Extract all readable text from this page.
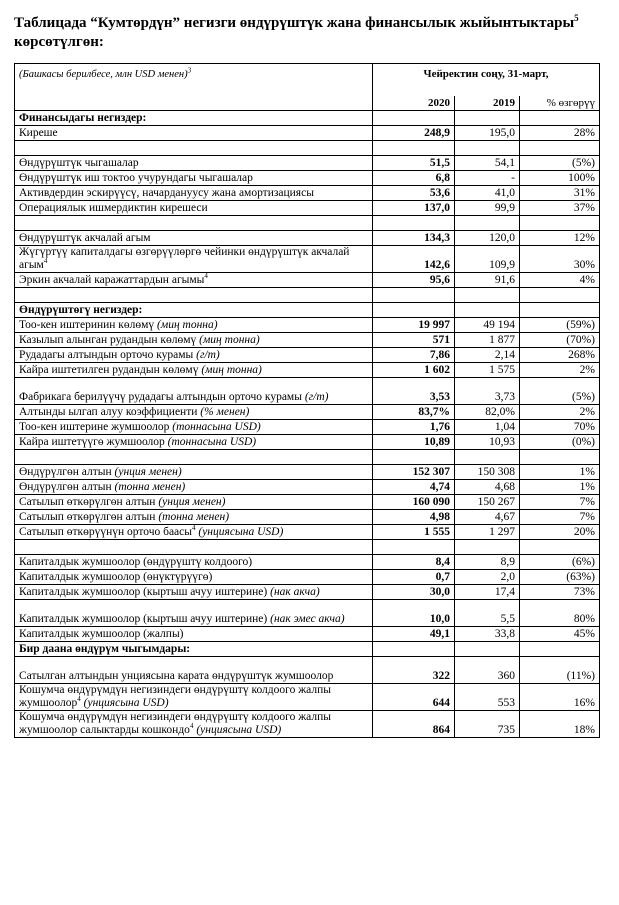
Таблицада “Кумтөрдүн” негизги өндүрүштүк жана финансылык жыйынтыктары$^5$
көрсөтүлгөн:
(Башкасы берилбесе, млн USD менен)$^3$	Чейректин соңу, 31-март,		
	2020	2019	% өзгөрүү
Финансыдагы негиздер:			
Киреше	248,9	195,0	28%

Өндүрүштүк чыгашалар	51,5	54,1	(5%)
Өндүрүштүк иш токтоо учурундагы чыгашалар	6,8	-	100%
Активдердин эскирүүсү, начардануусу жана амортизациясы	53,6	41,0	31%
Операциялык ишмердиктин кирешеси	137,0	99,9	37%

Өндүрүштүк акчалай агым	134,3	120,0	12%
Жүгүртүү капиталдагы өзгөрүүлөргө чейинки өндүрүштүк акчалай агым$^4$	142,6	109,9	30%
Эркин акчалай каражаттардын агымы$^4$	95,6	91,6	4%

Өндүрүштөгү негиздер:			
Тоо-кен иштеринин көлөмү (миң тонна)	19 997	49 194	(59%)
Казылып алынган рудандын көлөмү (миң тонна)	571	1 877	(70%)
Рудадагы алтындын орточо курамы (г/т)	7,86	2,14	268%
Кайра иштетилген рудандын көлөмү (миң тонна)	1 602	1 575	2%
Фабрикага берилүүчү рудадагы алтындын орточо курамы (г/т)	3,53	3,73	(5%)
Алтынды ылгап алуу коэффициенти (% менен)	83,7%	82,0%	2%
Тоо-кен иштерине жумшоолор (тоннасына USD)	1,76	1,04	70%
Кайра иштетүүгө жумшоолор (тоннасына USD)	10,89	10,93	(0%)

Өндүрүлгөн алтын (унция менен)	152 307	150 308	1%
Өндүрүлгөн алтын (тонна менен)	4,74	4,68	1%
Сатылып өткөрүлгөн алтын (унция менен)	160 090	150 267	7%
Сатылып өткөрүлгөн алтын (тонна менен)	4,98	4,67	7%
Сатылып өткөрүүнүн орточо баасы$^4$ (унциясына USD)	1 555	1 297	20%

Капиталдык жумшоолор (өндүрүштү колдоого)	8,4	8,9	(6%)
Капиталдык жумшоолор (өнүктүрүүгө)	0,7	2,0	(63%)
Капиталдык жумшоолор (кыртыш ачуу иштерине) (нак акча)	30,0	17,4	73%
Капиталдык жумшоолор (кыртыш ачуу иштерине) (нак эмес акча)	10,0	5,5	80%
Капиталдык жумшоолор (жалпы)	49,1	33,8	45%
Бир даана өндүрүм чыгымдары:			
Сатылган алтындын унциясына карата өндүрүштүк жумшоолор	322	360	(11%)
Кошумча өндүрүмдүн негизиндеги өндүрүштү колдоого жалпы жумшоолор$^4$ (унциясына USD)	644	553	16%
Кошумча өндүрүмдүн негизиндеги өндүрүштү колдоого жалпы жумшоолор салыктарды кошкондо$^4$ (унциясына USD)	864	735	18%
